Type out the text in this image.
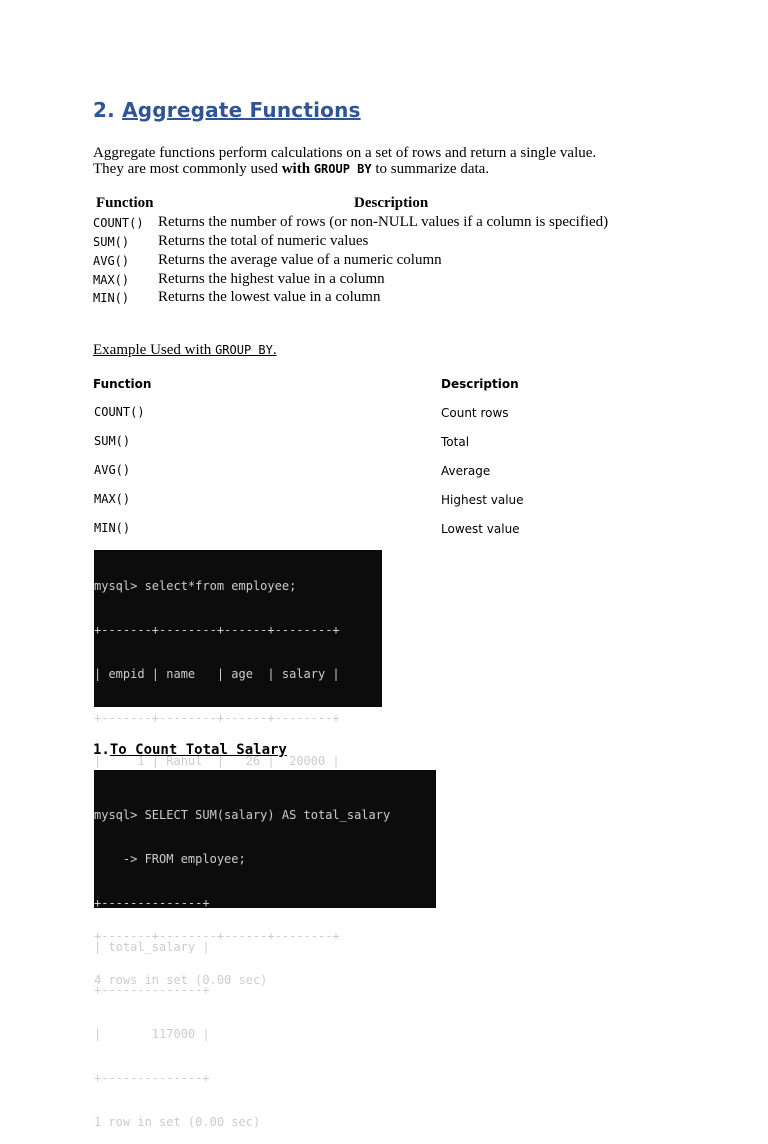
2. Aggregate Functions
Aggregate functions perform calculations on a set of rows and return a single value.
They are most commonly used with GROUP BY to summarize data.
Function	Description
COUNT() Returns the number of rows (or non-NULL values if a column is specified)
SUM() Returns the total of numeric values
AVG() Returns the average value of a numeric column
MAX() Returns the highest value in a column
MIN() Returns the lowest value in a column
Example Used with GROUP BY.
Function	Description
COUNT()	Count rows
SUM()	Total
AVG()	Average
MAX()	Highest value
MIN()	Lowest value

mysql> select*from employee;

+-------+--------+------+--------+

| empid | name   | age  | salary |

+-------+--------+------+--------+

|     1 | Rahul  |   26 |  20000 |

+-------+--------+------+--------+

4 rows in set (0.00 sec)

1.To Count Total Salary

mysql> SELECT SUM(salary) AS total_salary

-> FROM employee;

+--------------+

| total_salary |

+--------------+

|       117000 |

+--------------+

1 row in set (0.00 sec)
